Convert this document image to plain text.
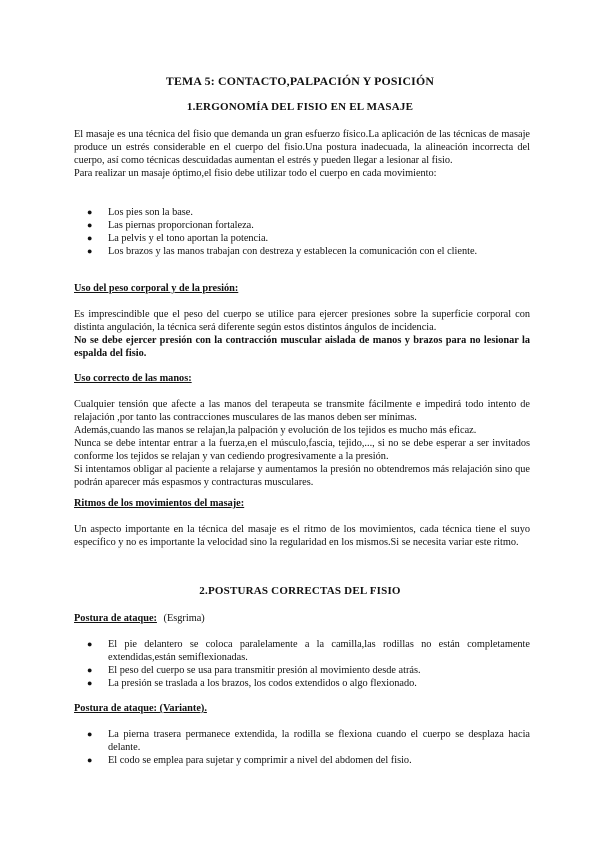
TEMA 5: CONTACTO,PALPACIÓN Y POSICIÓN
1.ERGONOMÍA DEL FISIO EN EL MASAJE

El masaje es una técnica del fisio que demanda un gran esfuerzo físico.La aplicación de las técnicas de masaje produce un estrés considerable en el cuerpo del fisio.Una postura inadecuada, la alineación incorrecta del cuerpo, así como técnicas descuidadas aumentan el estrés y pueden llegar a lesionar al fisio.

Para realizar un masaje óptimo,el fisio debe utilizar todo el cuerpo en cada movimiento:

● Los pies son la base.
● Las piernas proporcionan fortaleza.
● La pelvis y el tono aportan la potencia.
● Los brazos y las manos trabajan con destreza y establecen la comunicación con el cliente.
Uso del peso corporal y de la presión:

Es imprescindible que el peso del cuerpo se utilice para ejercer presiones sobre la superficie corporal con distinta angulación, la técnica será diferente según estos distintos ángulos de incidencia.

No se debe ejercer presión con la contracción muscular aislada de manos y brazos para no lesionar la espalda del fisio.

Uso correcto de las manos:

Cualquier tensión que afecte a las manos del terapeuta se transmite fácilmente e impedirá todo intento de relajación ,por tanto las contracciones musculares de las manos deben ser mínimas.

Además,cuando las manos se relajan,la palpación y evolución de los tejidos es mucho más eficaz.

Nunca se debe intentar entrar a la fuerza,en el músculo,fascia, tejido,..., si no se debe esperar a ser invitados conforme los tejidos se relajan y van cediendo progresivamente a la presión.

Si intentamos obligar al paciente a relajarse y aumentamos la presión no obtendremos más relajación sino que podrán aparecer más espasmos y contracturas musculares.

Ritmos de los movimientos del masaje:

Un aspecto importante en la técnica del masaje es el ritmo de los movimientos, cada técnica tiene el suyo específico y no es importante la velocidad sino la regularidad en los mismos.Si se necesita variar este ritmo.

2.POSTURAS CORRECTAS DEL FISIO
Postura de ataque: (Esgrima)
● El pie delantero se coloca paralelamente a la camilla,las rodillas no están completamente extendidas,están semiflexionadas.
● El peso del cuerpo se usa para transmitir presión al movimiento desde atrás.
● La presión se traslada a los brazos, los codos extendidos o algo flexionado.
Postura de ataque: (Variante).
● La pierna trasera permanece extendida, la rodilla se flexiona cuando el cuerpo se desplaza hacia delante.
● El codo se emplea para sujetar y comprimir a nivel del abdomen del fisio.
